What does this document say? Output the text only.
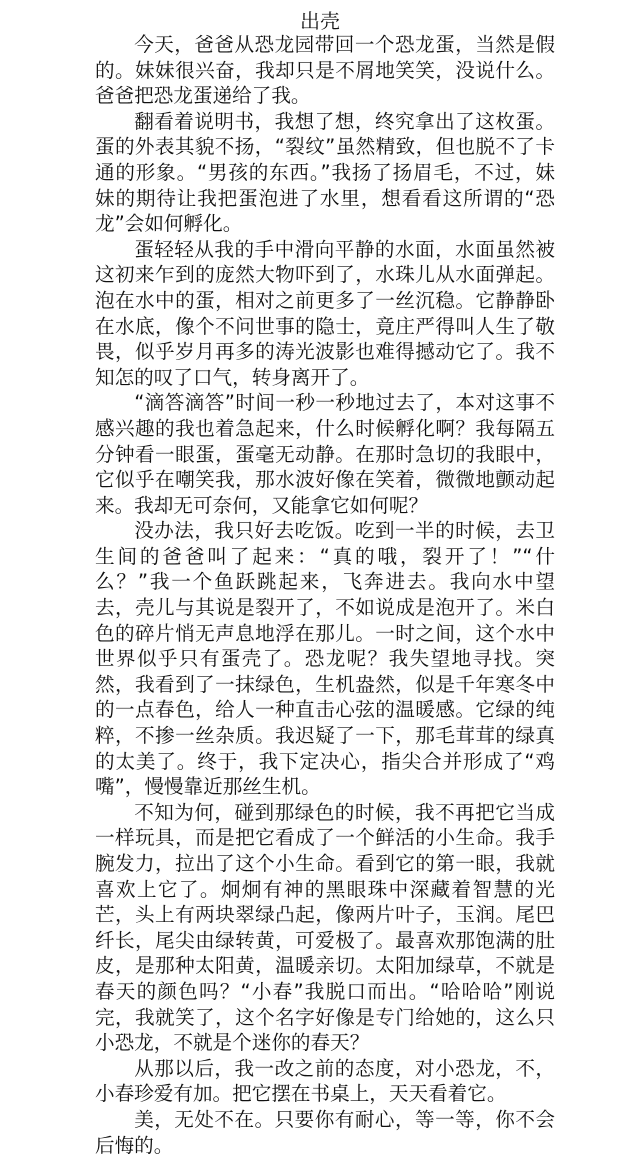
出壳

今天，爸爸从恐龙园带回一个恐龙蛋，当然是假的。妹妹很兴奋，我却只是不屑地笑笑，没说什么。爸爸把恐龙蛋递给了我。

翻看着说明书，我想了想，终究拿出了这枚蛋。蛋的外表其貌不扬，“裂纹”虽然精致，但也脱不了卡通的形象。“男孩的东西。”我扬了扬眉毛，不过，妹妹的期待让我把蛋泡进了水里，想看看这所谓的“恐龙”会如何孵化。

蛋轻轻从我的手中滑向平静的水面，水面虽然被这初来乍到的庞然大物吓到了，水珠儿从水面弹起。泡在水中的蛋，相对之前更多了一丝沉稳。它静静卧在水底，像个不问世事的隐士，竟庄严得叫人生了敬畏，似乎岁月再多的涛光波影也难得撼动它了。我不知怎的叹了口气，转身离开了。

“滴答滴答”时间一秒一秒地过去了，本对这事不感兴趣的我也着急起来，什么时候孵化啊？我每隔五分钟看一眼蛋，蛋毫无动静。在那时急切的我眼中，它似乎在嘲笑我，那水波好像在笑着，微微地颤动起来。我却无可奈何，又能拿它如何呢？

没办法，我只好去吃饭。吃到一半的时候，去卫生间的爸爸叫了起来：“真的哦，裂开了！”“什么？”我一个鱼跃跳起来，飞奔进去。我向水中望去，壳儿与其说是裂开了，不如说成是泡开了。米白色的碎片悄无声息地浮在那儿。一时之间，这个水中世界似乎只有蛋壳了。恐龙呢？我失望地寻找。突然，我看到了一抹绿色，生机盎然，似是千年寒冬中的一点春色，给人一种直击心弦的温暖感。它绿的纯粹，不掺一丝杂质。我迟疑了一下，那毛茸茸的绿真的太美了。终于，我下定决心，指尖合并形成了“鸡嘴”，慢慢靠近那丝生机。

不知为何，碰到那绿色的时候，我不再把它当成一样玩具，而是把它看成了一个鲜活的小生命。我手腕发力，拉出了这个小生命。看到它的第一眼，我就喜欢上它了。炯炯有神的黑眼珠中深藏着智慧的光芒，头上有两块翠绿凸起，像两片叶子，玉润。尾巴纤长，尾尖由绿转黄，可爱极了。最喜欢那饱满的肚皮，是那种太阳黄，温暖亲切。太阳加绿草，不就是春天的颜色吗？“小春”我脱口而出。“哈哈哈”刚说完，我就笑了，这个名字好像是专门给她的，这么只小恐龙，不就是个迷你的春天？

从那以后，我一改之前的态度，对小恐龙，不，小春珍爱有加。把它摆在书桌上，天天看着它。

美，无处不在。只要你有耐心，等一等，你不会后悔的。
